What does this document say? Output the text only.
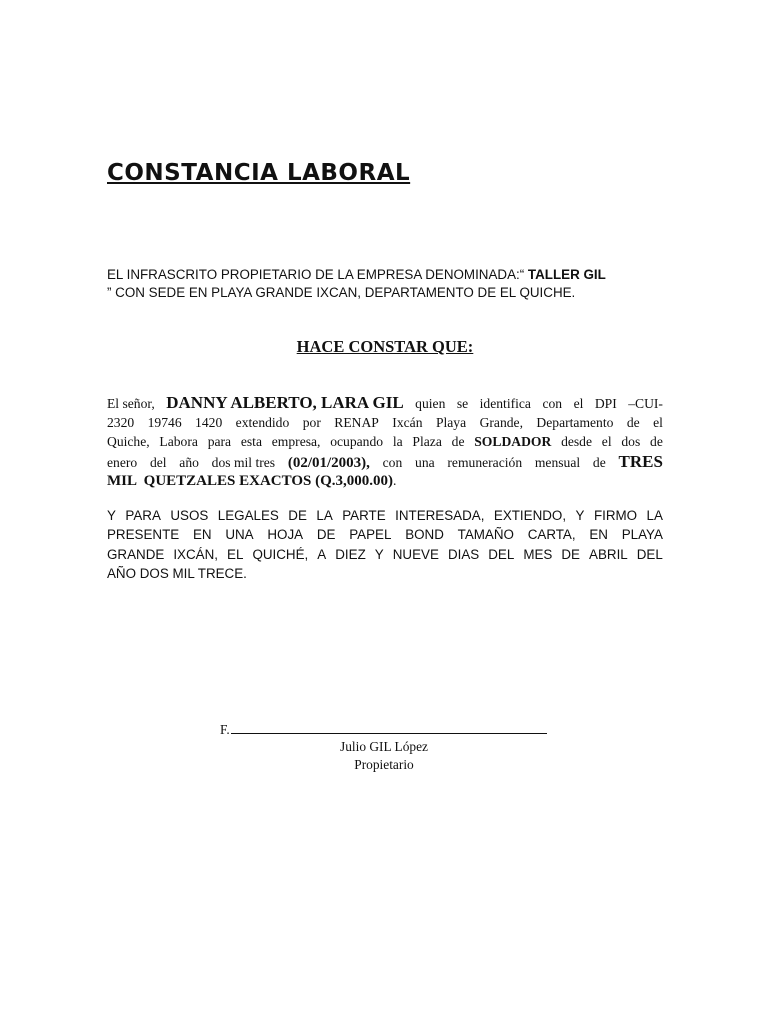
CONSTANCIA LABORAL
EL INFRASCRITO PROPIETARIO DE LA EMPRESA DENOMINADA:“ TALLER GIL
” CON SEDE EN PLAYA GRANDE IXCAN, DEPARTAMENTO DE EL QUICHE.
HACE CONSTAR QUE:
El señor, DANNY ALBERTO, LARA GIL quien se identifica con el DPI –CUI-
2320 19746 1420 extendido por RENAP Ixcán Playa Grande, Departamento de el
Quiche, Labora para esta empresa, ocupando la Plaza de SOLDADOR desde el dos de
enero del año dos mil tres (02/01/2003), con una remuneración mensual de TRES
MIL  QUETZALES EXACTOS (Q.3,000.00).
Y PARA USOS LEGALES DE LA PARTE INTERESADA, EXTIENDO, Y FIRMO LA
PRESENTE EN UNA HOJA DE PAPEL BOND TAMAÑO CARTA, EN PLAYA
GRANDE IXCÁN, EL QUICHÉ, A DIEZ Y NUEVE DIAS DEL MES DE ABRIL DEL
AÑO DOS MIL TRECE.
F.
Julio GIL López
Propietario
